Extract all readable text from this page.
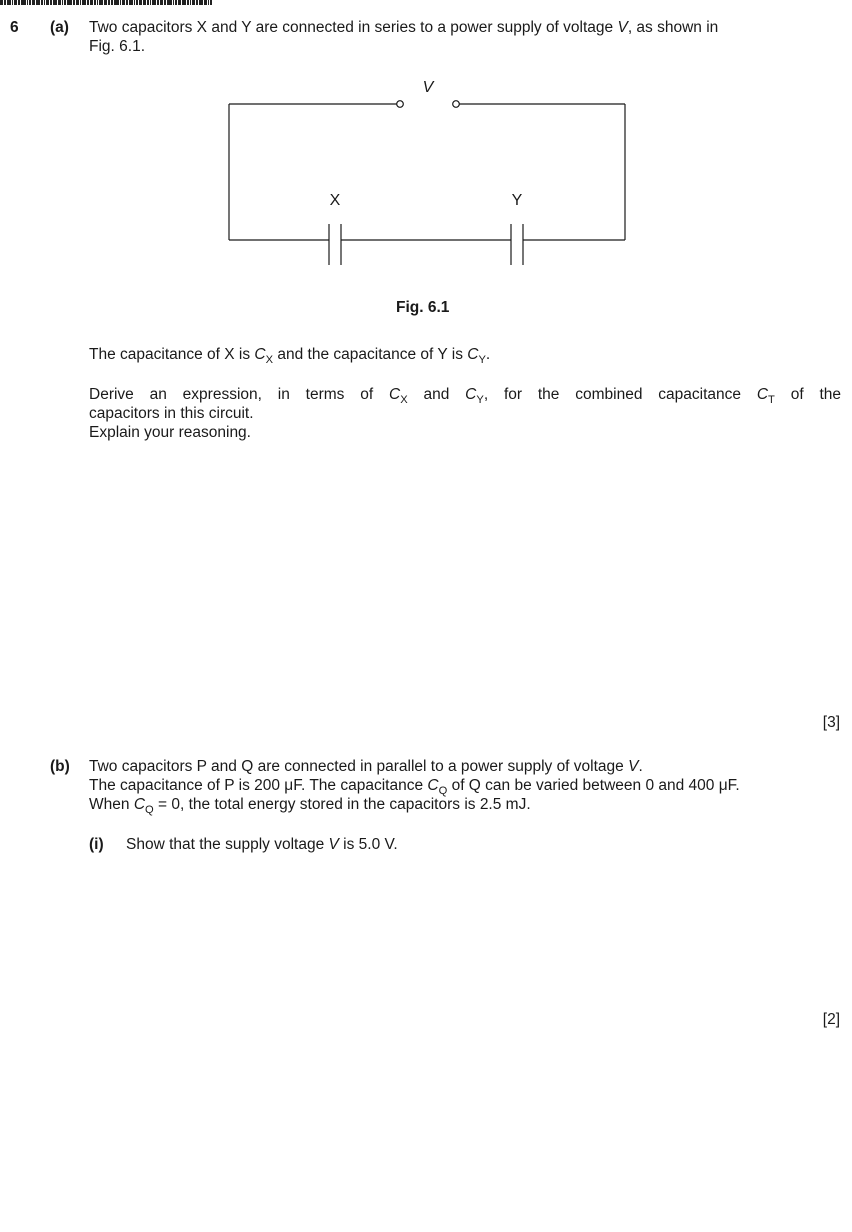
6 (a) Two capacitors X and Y are connected in series to a power supply of voltage V, as shown in
Fig. 6.1.
V
X	Y
Fig. 6.1
The capacitance of X is $C_X$ and the capacitance of Y is $C_Y$.
Derive an expression, in terms of $C_X$ and $C_Y$, for the combined capacitance $C_T$ of the
capacitors in this circuit.
Explain your reasoning.
[3]
(b) Two capacitors P and Q are connected in parallel to a power supply of voltage V.
The capacitance of P is 200 μF. The capacitance $C_Q$ of Q can be varied between 0 and 400 μF.
When $C_Q = 0$, the total energy stored in the capacitors is 2.5 mJ.
(i) Show that the supply voltage V is 5.0 V.
[2]
